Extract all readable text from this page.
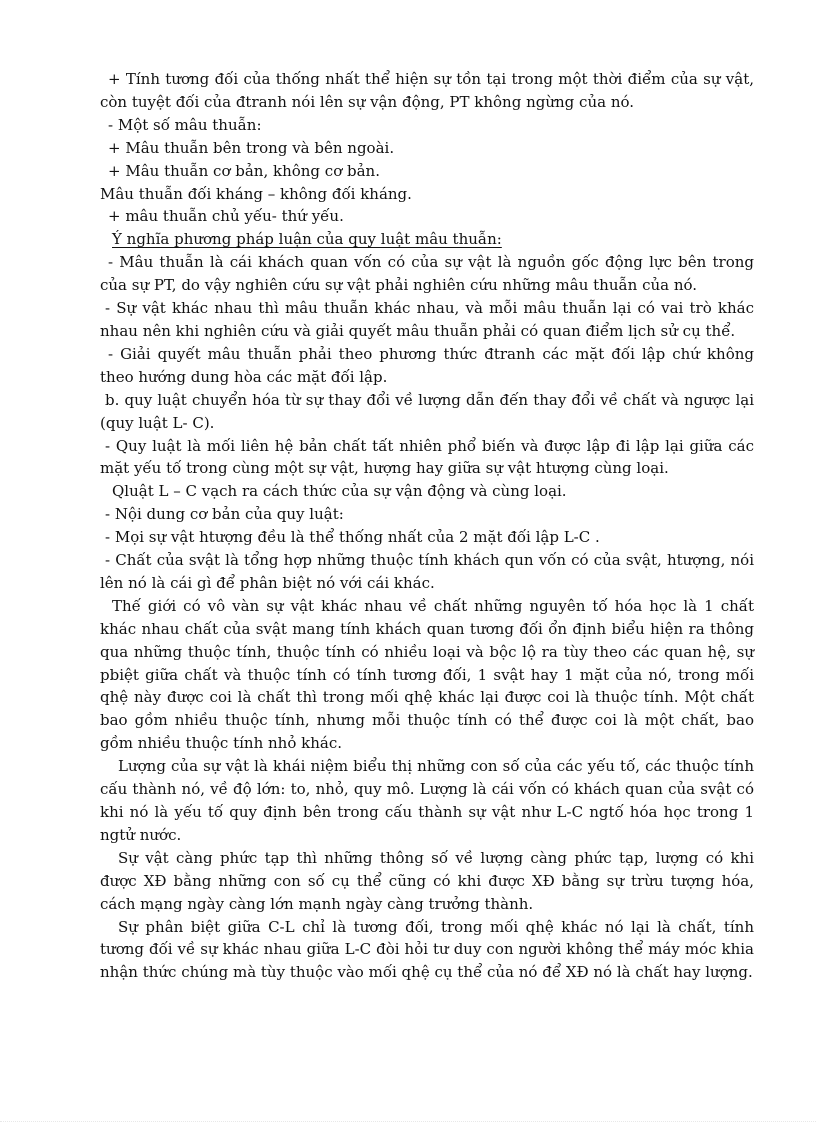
+ Tính tương đối của thống nhất thể hiện sự tồn tại trong một thời điểm của sự vật, còn tuyệt đối của đtranh nói lên sự vận động, PT không ngừng của nó.

- Một số mâu thuẫn:

+ Mâu thuẫn bên trong và bên ngoài.

+ Mâu thuẫn cơ bản, không cơ bản.

Mâu thuẫn đối kháng – không đối kháng.

+ mâu thuẫn chủ yếu- thứ yếu.

Ý nghĩa phương pháp luận của quy luật mâu thuẫn:

- Mâu thuẫn là cái khách quan vốn có của sự vật là nguồn gốc động lực bên trong của sự PT, do vậy nghiên cứu sự vật phải nghiên cứu những mâu thuẫn của nó.

- Sự vật khác nhau thì mâu thuẫn khác nhau, và mỗi mâu thuẫn lại có vai trò khác nhau nên khi nghiên cứu và giải quyết mâu thuẫn phải có quan điểm lịch sử cụ thể.

- Giải quyết mâu thuẫn phải theo phương thức đtranh các mặt đối lập chứ không theo hướng dung hòa các mặt đối lập.

b. quy luật chuyển hóa từ sự thay đổi về lượng dẫn đến thay đổi về chất và ngược lại (quy luật L- C).

- Quy luật là mối liên hệ bản chất tất nhiên phổ biến và được lập đi lập lại giữa các mặt yếu tố trong cùng một sự vật, hượng hay giữa sự vật htượng cùng loại.

Qluật L – C vạch ra cách thức của sự vận động và cùng loại.

- Nội dung cơ bản của quy luật:

- Mọi sự vật htượng đều là thể thống nhất của 2 mặt đối lập L-C .

- Chất của svật là tổng hợp những thuộc tính khách qun vốn có của svật, htượng, nói lên nó là cái gì để phân biệt nó với cái khác.

Thế giới có vô vàn sự vật khác nhau về chất những nguyên tố hóa học là 1 chất khác nhau chất của svật mang tính khách quan tương đối ổn định biểu hiện ra thông qua những thuộc tính, thuộc tính có nhiều loại và bộc lộ ra tùy theo các quan hệ, sự pbiệt giữa chất và thuộc tính có tính tương đối, 1 svật hay 1 mặt của nó, trong mối qhệ này được coi là chất thì trong mối qhệ khác lại được coi là thuộc tính. Một chất bao gồm nhiều thuộc tính, nhưng mỗi thuộc tính có thể được coi là một chất, bao gồm nhiều thuộc tính nhỏ khác.

Lượng của sự vật là khái niệm biểu thị những con số của các yếu tố, các thuộc tính cấu thành nó, về độ lớn: to, nhỏ, quy mô. Lượng là cái vốn có khách quan của svật có khi nó là yếu tố quy định bên trong cấu thành sự vật như L-C ngtố hóa học trong 1 ngtử nước.

Sự vật càng phức tạp thì những thông số về lượng càng phức tạp, lượng có khi được XĐ bằng những con số cụ thể cũng có khi được XĐ bằng sự trừu tượng hóa, cách mạng ngày càng lớn mạnh ngày càng trưởng thành.

Sự phân biệt giữa C-L chỉ là tương đối, trong mối qhệ khác nó lại là chất, tính tương đối về sự khác nhau giữa L-C đòi hỏi tư duy con người không thể máy móc khia nhận thức chúng mà tùy thuộc vào mối qhệ cụ thể của nó để XĐ nó là chất hay lượng.
